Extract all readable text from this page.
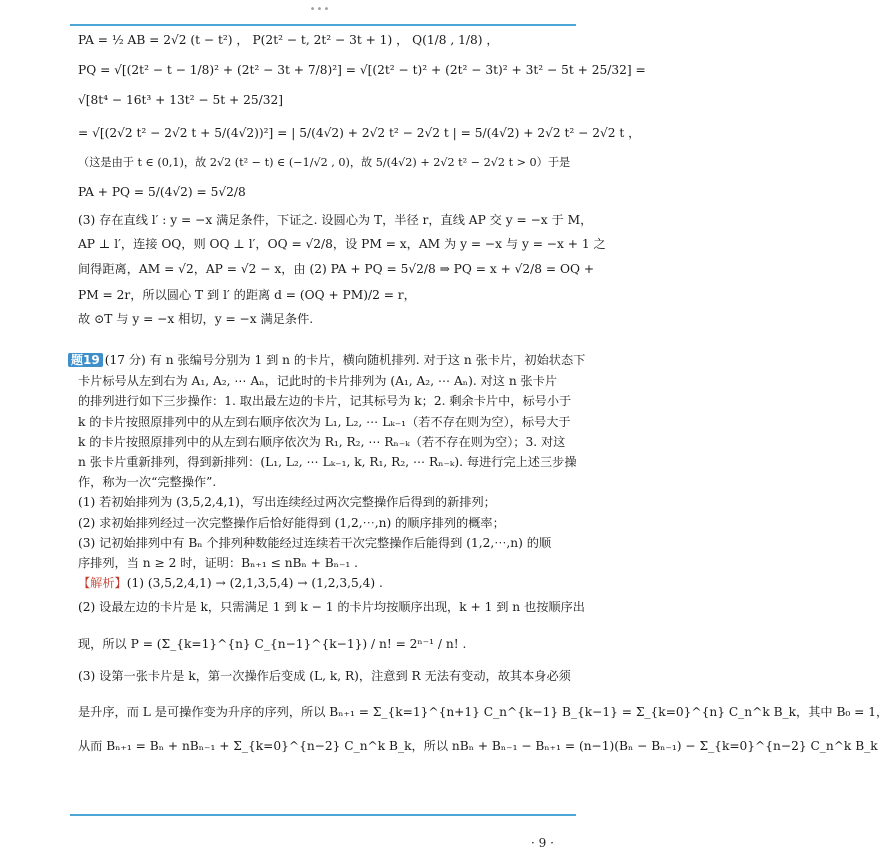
•••
PA = ½ AB = 2√2 (t − t²) ， P(2t² − t, 2t² − 3t + 1) ， Q(1/8 , 1/8) ，
PQ = √[(2t² − t − 1/8)² + (2t² − 3t + 7/8)²] = √[(2t² − t)² + (2t² − 3t)² + 3t² − 5t + 25/32] =
√[8t⁴ − 16t³ + 13t² − 5t + 25/32]
= √[(2√2 t² − 2√2 t + 5/(4√2))²] = | 5/(4√2) + 2√2 t² − 2√2 t | = 5/(4√2) + 2√2 t² − 2√2 t ，
（这是由于 t ∈ (0,1)，故 2√2 (t² − t) ∈ (−1/√2 , 0)，故 5/(4√2) + 2√2 t² − 2√2 t > 0）于是
PA + PQ = 5/(4√2) = 5√2/8
(3) 存在直线 l′ : y = −x 满足条件，下证之. 设圆心为 T，半径 r，直线 AP 交 y = −x 于 M，
AP ⊥ l′，连接 OQ，则 OQ ⊥ l′，OQ = √2/8，设 PM = x，AM 为 y = −x 与 y = −x + 1 之
间得距离，AM = √2，AP = √2 − x，由 (2) PA + PQ = 5√2/8 ⇒ PQ = x + √2/8 = OQ +
PM = 2r，所以圆心 T 到 l′ 的距离 d = (OQ + PM)/2 = r，
故 ⊙T 与 y = −x 相切，y = −x 满足条件.
题19 (17 分) 有 n 张编号分别为 1 到 n 的卡片，横向随机排列. 对于这 n 张卡片，初始状态下
卡片标号从左到右为 A₁, A₂, ⋯ Aₙ，记此时的卡片排列为 (A₁, A₂, ⋯ Aₙ). 对这 n 张卡片
的排列进行如下三步操作：1. 取出最左边的卡片，记其标号为 k；2. 剩余卡片中，标号小于
k 的卡片按照原排列中的从左到右顺序依次为 L₁, L₂, ⋯ Lₖ₋₁（若不存在则为空），标号大于
k 的卡片按照原排列中的从左到右顺序依次为 R₁, R₂, ⋯ Rₙ₋ₖ（若不存在则为空）；3. 对这
n 张卡片重新排列，得到新排列：(L₁, L₂, ⋯ Lₖ₋₁, k, R₁, R₂, ⋯ Rₙ₋ₖ). 每进行完上述三步操
作，称为一次“完整操作”.
(1) 若初始排列为 (3,5,2,4,1)，写出连续经过两次完整操作后得到的新排列；
(2) 求初始排列经过一次完整操作后恰好能得到 (1,2,⋯,n) 的顺序排列的概率；
(3) 记初始排列中有 Bₙ 个排列种数能经过连续若干次完整操作后能得到 (1,2,⋯,n) 的顺
序排列，当 n ≥ 2 时，证明：Bₙ₊₁ ≤ nBₙ + Bₙ₋₁ .
【解析】(1) (3,5,2,4,1) → (2,1,3,5,4) → (1,2,3,5,4) .
(2) 设最左边的卡片是 k，只需满足 1 到 k − 1 的卡片均按顺序出现，k + 1 到 n 也按顺序出
现，所以 P = (Σ_{k=1}^{n} C_{n−1}^{k−1}) / n! = 2ⁿ⁻¹ / n! .
(3) 设第一张卡片是 k，第一次操作后变成 (L, k, R)，注意到 R 无法有变动，故其本身必须
是升序，而 L 是可操作变为升序的序列，所以 Bₙ₊₁ = Σ_{k=1}^{n+1} C_n^{k−1} B_{k−1} = Σ_{k=0}^{n} C_n^k B_k，其中 B₀ = 1，
从而 Bₙ₊₁ = Bₙ + nBₙ₋₁ + Σ_{k=0}^{n−2} C_n^k B_k，所以 nBₙ + Bₙ₋₁ − Bₙ₊₁ = (n−1)(Bₙ − Bₙ₋₁) − Σ_{k=0}^{n−2} C_n^k B_k
· 9 ·
